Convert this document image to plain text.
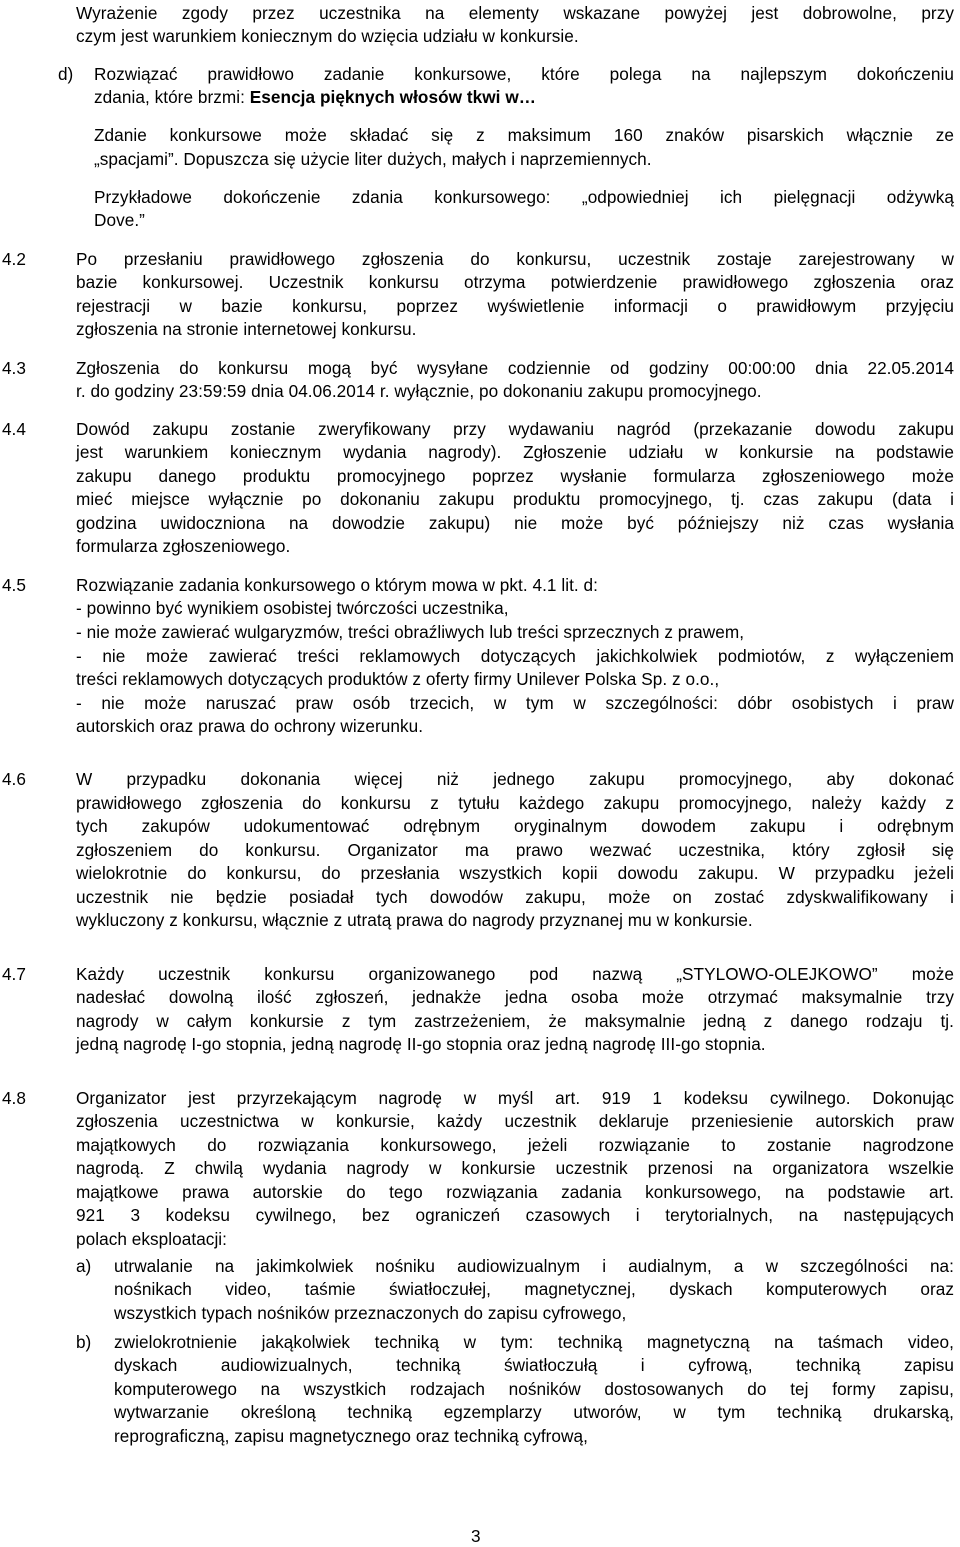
Wyrażenie zgody przez uczestnika na elementy wskazane powyżej jest dobrowolne, przy
czym jest warunkiem koniecznym do wzięcia udziału w konkursie.
d) Rozwiązać prawidłowo zadanie konkursowe, które polega na najlepszym dokończeniu
zdania, które brzmi: Esencja pięknych włosów tkwi w…
Zdanie konkursowe może składać się z maksimum 160 znaków pisarskich włącznie ze
„spacjami”. Dopuszcza się użycie liter dużych, małych i naprzemiennych.
Przykładowe dokończenie zdania konkursowego: „odpowiedniej ich pielęgnacji odżywką
Dove.”
4.2	Po przesłaniu prawidłowego zgłoszenia do konkursu, uczestnik zostaje zarejestrowany w
bazie konkursowej. Uczestnik konkursu otrzyma potwierdzenie prawidłowego zgłoszenia oraz
rejestracji w bazie konkursu, poprzez wyświetlenie informacji o prawidłowym przyjęciu
zgłoszenia na stronie internetowej konkursu.
4.3	Zgłoszenia do konkursu mogą być wysyłane codziennie od godziny 00:00:00 dnia 22.05.2014
r. do godziny 23:59:59 dnia 04.06.2014 r. wyłącznie, po dokonaniu zakupu promocyjnego.
4.4	Dowód zakupu zostanie zweryfikowany przy wydawaniu nagród (przekazanie dowodu zakupu
jest warunkiem koniecznym wydania nagrody). Zgłoszenie udziału w konkursie na podstawie
zakupu danego produktu promocyjnego poprzez wysłanie formularza zgłoszeniowego może
mieć miejsce wyłącznie po dokonaniu zakupu produktu promocyjnego, tj. czas zakupu (data i
godzina uwidoczniona na dowodzie zakupu) nie może być późniejszy niż czas wysłania
formularza zgłoszeniowego.
4.5	Rozwiązanie zadania konkursowego o którym mowa w pkt. 4.1 lit. d:
- powinno być wynikiem osobistej twórczości uczestnika,
- nie może zawierać wulgaryzmów, treści obraźliwych lub treści sprzecznych z prawem,
- nie może zawierać treści reklamowych dotyczących jakichkolwiek podmiotów, z wyłączeniem
treści reklamowych dotyczących produktów z oferty firmy Unilever Polska Sp. z o.o.,
- nie może naruszać praw osób trzecich, w tym w szczególności: dóbr osobistych i praw
autorskich oraz prawa do ochrony wizerunku.
4.6	W przypadku dokonania więcej niż jednego zakupu promocyjnego, aby dokonać
prawidłowego zgłoszenia do konkursu z tytułu każdego zakupu promocyjnego, należy każdy z
tych zakupów udokumentować odrębnym oryginalnym dowodem zakupu i odrębnym
zgłoszeniem do konkursu. Organizator ma prawo wezwać uczestnika, który zgłosił się
wielokrotnie do konkursu, do przesłania wszystkich kopii dowodu zakupu. W przypadku jeżeli
uczestnik nie będzie posiadał tych dowodów zakupu, może on zostać zdyskwalifikowany i
wykluczony z konkursu, włącznie z utratą prawa do nagrody przyznanej mu w konkursie.
4.7	Każdy uczestnik konkursu organizowanego pod nazwą „STYLOWO-OLEJKOWO” może
nadesłać dowolną ilość zgłoszeń, jednakże jedna osoba może otrzymać maksymalnie trzy
nagrody w całym konkursie z tym zastrzeżeniem, że maksymalnie jedną z danego rodzaju tj.
jedną nagrodę I-go stopnia, jedną nagrodę II-go stopnia oraz jedną nagrodę III-go stopnia.
4.8	Organizator jest przyrzekającym nagrodę w myśl art. 919 1 kodeksu cywilnego. Dokonując
zgłoszenia uczestnictwa w konkursie, każdy uczestnik deklaruje przeniesienie autorskich praw
majątkowych do rozwiązania konkursowego, jeżeli rozwiązanie to zostanie nagrodzone
nagrodą. Z chwilą wydania nagrody w konkursie uczestnik przenosi na organizatora wszelkie
majątkowe prawa autorskie do tego rozwiązania zadania konkursowego, na podstawie art.
921 3 kodeksu cywilnego, bez ograniczeń czasowych i terytorialnych, na następujących
polach eksploatacji:
a) utrwalanie na jakimkolwiek nośniku audiowizualnym i audialnym, a w szczególności na:
nośnikach video, taśmie światłoczułej, magnetycznej, dyskach komputerowych oraz
wszystkich typach nośników przeznaczonych do zapisu cyfrowego,
b) zwielokrotnienie jakąkolwiek techniką w tym: techniką magnetyczną na taśmach video,
dyskach audiowizualnych, techniką światłoczułą i cyfrową, techniką zapisu
komputerowego na wszystkich rodzajach nośników dostosowanych do tej formy zapisu,
wytwarzanie określoną techniką egzemplarzy utworów, w tym techniką drukarską,
reprograficzną, zapisu magnetycznego oraz techniką cyfrową,
3
